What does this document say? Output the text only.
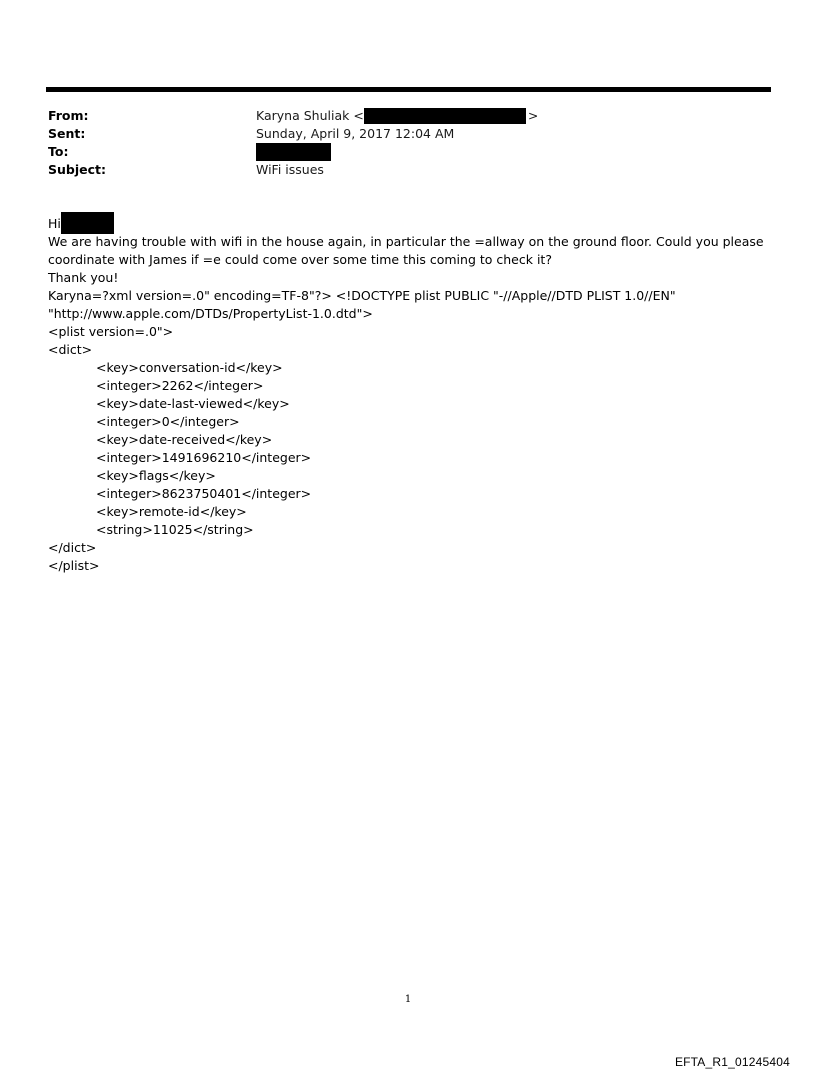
From:	Karyna Shuliak <	>
Sent:	Sunday, April 9, 2017 12:04 AM
To:
Subject:	WiFi issues
Hi
We are having trouble with wifi in the house again, in particular the =allway on the ground floor. Could you please
coordinate with James if =e could come over some time this coming to check it?
Thank you!
Karyna=?xml version=.0" encoding=TF-8"?> <!DOCTYPE plist PUBLIC "-//Apple//DTD PLIST 1.0//EN"
"http://www.apple.com/DTDs/PropertyList-1.0.dtd">
<plist version=.0">
<dict>
<key>conversation-id</key>
<integer>2262</integer>
<key>date-last-viewed</key>
<integer>0</integer>
<key>date-received</key>
<integer>1491696210</integer>
<key>flags</key>
<integer>8623750401</integer>
<key>remote-id</key>
<string>11025</string>
</dict>
</plist>
1
EFTA_R1_01245404
